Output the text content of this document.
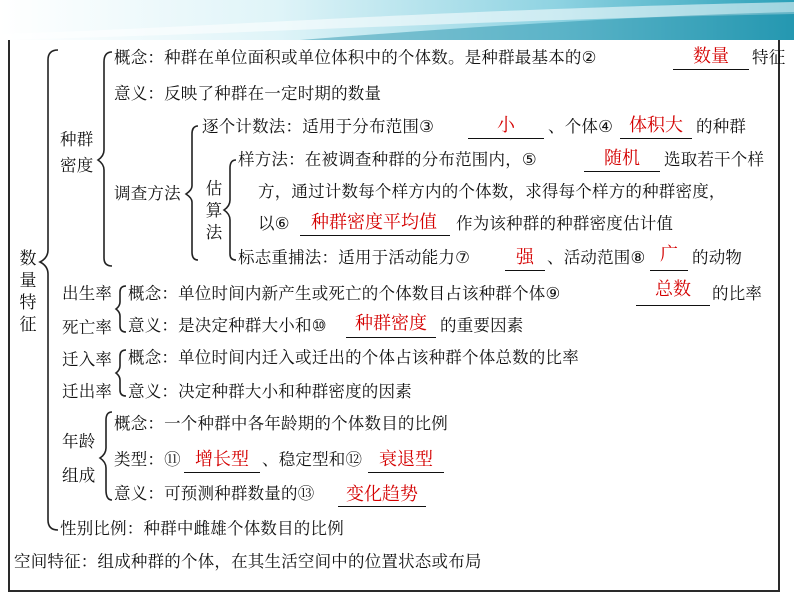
数量特征
种群密度
概念：种群在单位面积或单位体积中的个体数。是种群最基本的②	数量	特征
意义：反映了种群在一定时期的数量
调查方法
逐个计数法：适用于分布范围③	小	、个体④ 体积大 的种群
估算法
样方法：在被调查种群的分布范围内，⑤	随机	选取若干个样
方，通过计数每个样方内的个体数，求得每个样方的种群密度，
以⑥	种群密度平均值	作为该种群的种群密度估计值
标志重捕法：适用于活动能力⑦	强 、活动范围⑧ 广 的动物
出生率
死亡率
概念：单位时间内新产生或死亡的个体数目占该种群个体⑨	总数	的比率
意义：是决定种群大小和⑩	种群密度 的重要因素
迁入率
迁出率
概念：单位时间内迁入或迁出的个体占该种群个体总数的比率
意义：决定种群大小和种群密度的因素
年龄
组成
概念：一个种群中各年龄期的个体数目的比例
类型：⑪ 增长型 、稳定型和⑫ 衰退型
意义：可预测种群数量的⑬	变化趋势
性别比例：种群中雌雄个体数目的比例
空间特征：组成种群的个体，在其生活空间中的位置状态或布局
